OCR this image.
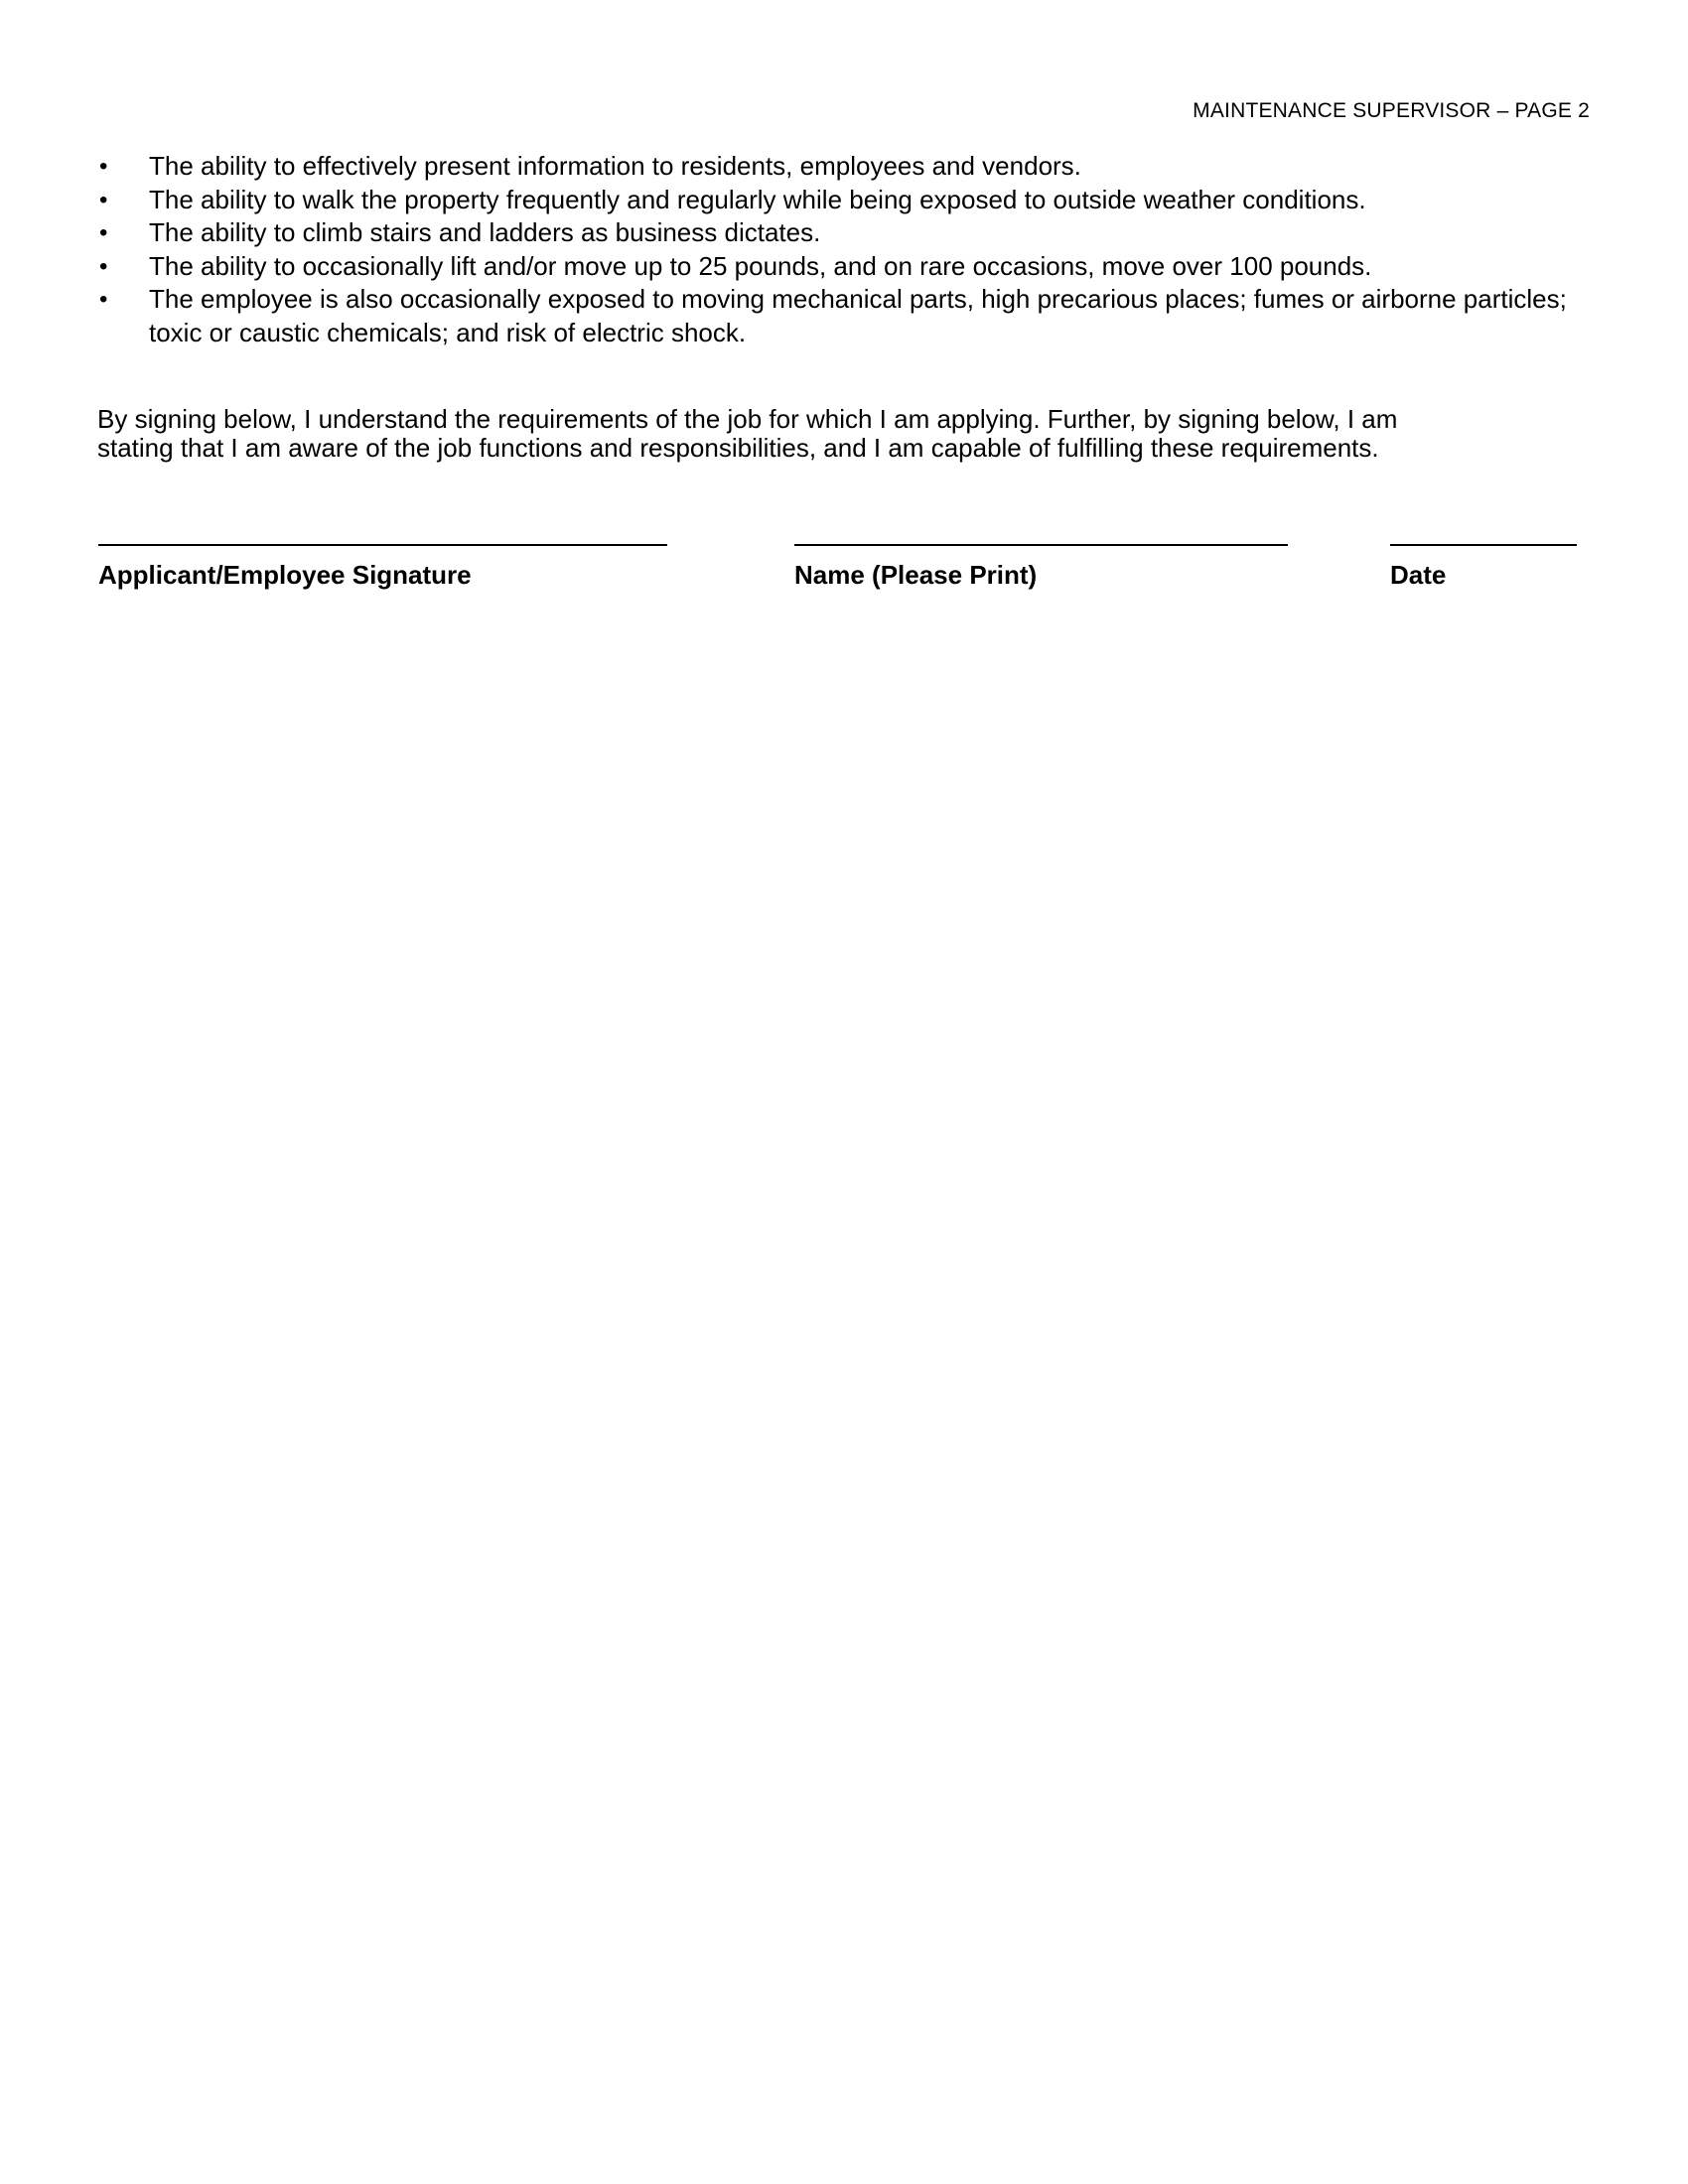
MAINTENANCE SUPERVISOR – PAGE 2
• The ability to effectively present information to residents, employees and vendors.
• The ability to walk the property frequently and regularly while being exposed to outside weather conditions.
• The ability to climb stairs and ladders as business dictates.
• The ability to occasionally lift and/or move up to 25 pounds, and on rare occasions, move over 100 pounds.
• The employee is also occasionally exposed to moving mechanical parts, high precarious places; fumes or airborne particles; toxic or caustic chemicals; and risk of electric shock.

By signing below, I understand the requirements of the job for which I am applying. Further, by signing below, I am
stating that I am aware of the job functions and responsibilities, and I am capable of fulfilling these requirements.

Applicant/Employee Signature	Name (Please Print)	Date
